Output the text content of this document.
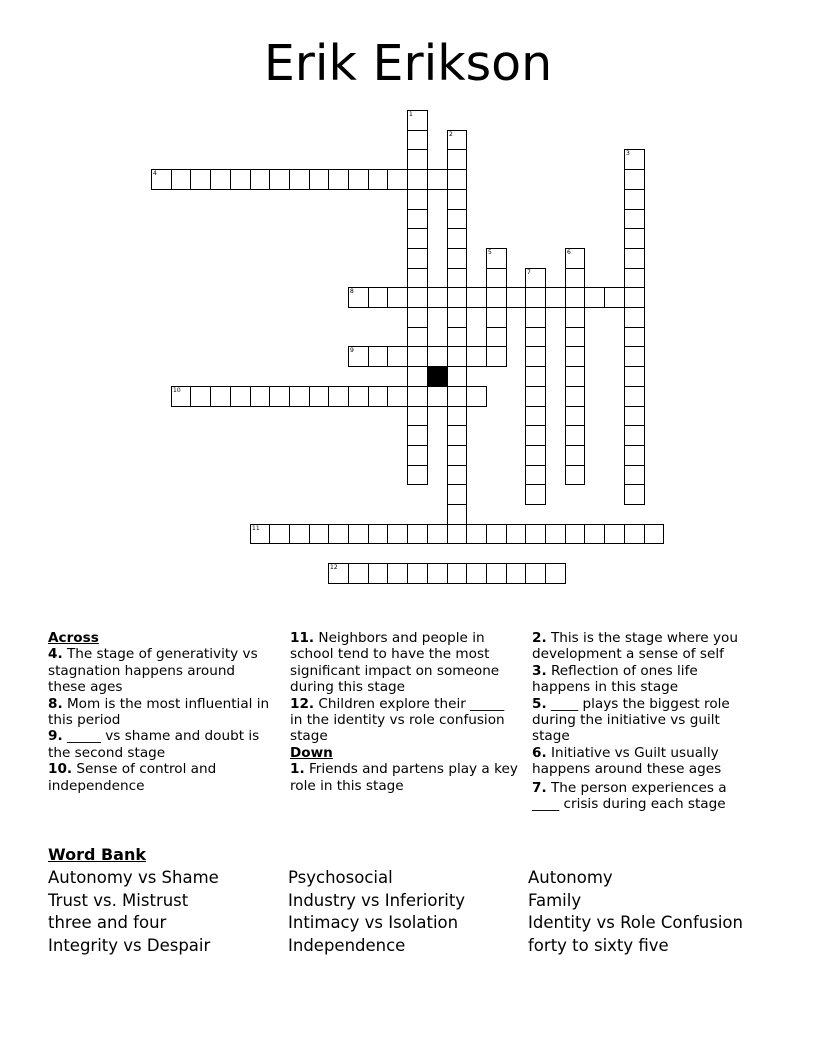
Erik Erikson
1
2
3
4
5	6
7
8
9
10
11
12
Across
4. The stage of generativity vs stagnation happens around these ages
8. Mom is the most influential in this period
9. _____ vs shame and doubt is the second stage
10. Sense of control and independence
11. Neighbors and people in school tend to have the most significant impact on someone during this stage
12. Children explore their _____ in the identity vs role confusion stage
Down
1. Friends and partens play a key role in this stage
2. This is the stage where you development a sense of self
3. Reflection of ones life happens in this stage
5. ____ plays the biggest role during the initiative vs guilt stage
6. Initiative vs Guilt usually happens around these ages
7. The person experiences a ____ crisis during each stage
Word Bank
Autonomy vs Shame
Trust vs. Mistrust
three and four
Integrity vs Despair
Psychosocial
Industry vs Inferiority
Intimacy vs Isolation
Independence
Autonomy
Family
Identity vs Role Confusion
forty to sixty five
